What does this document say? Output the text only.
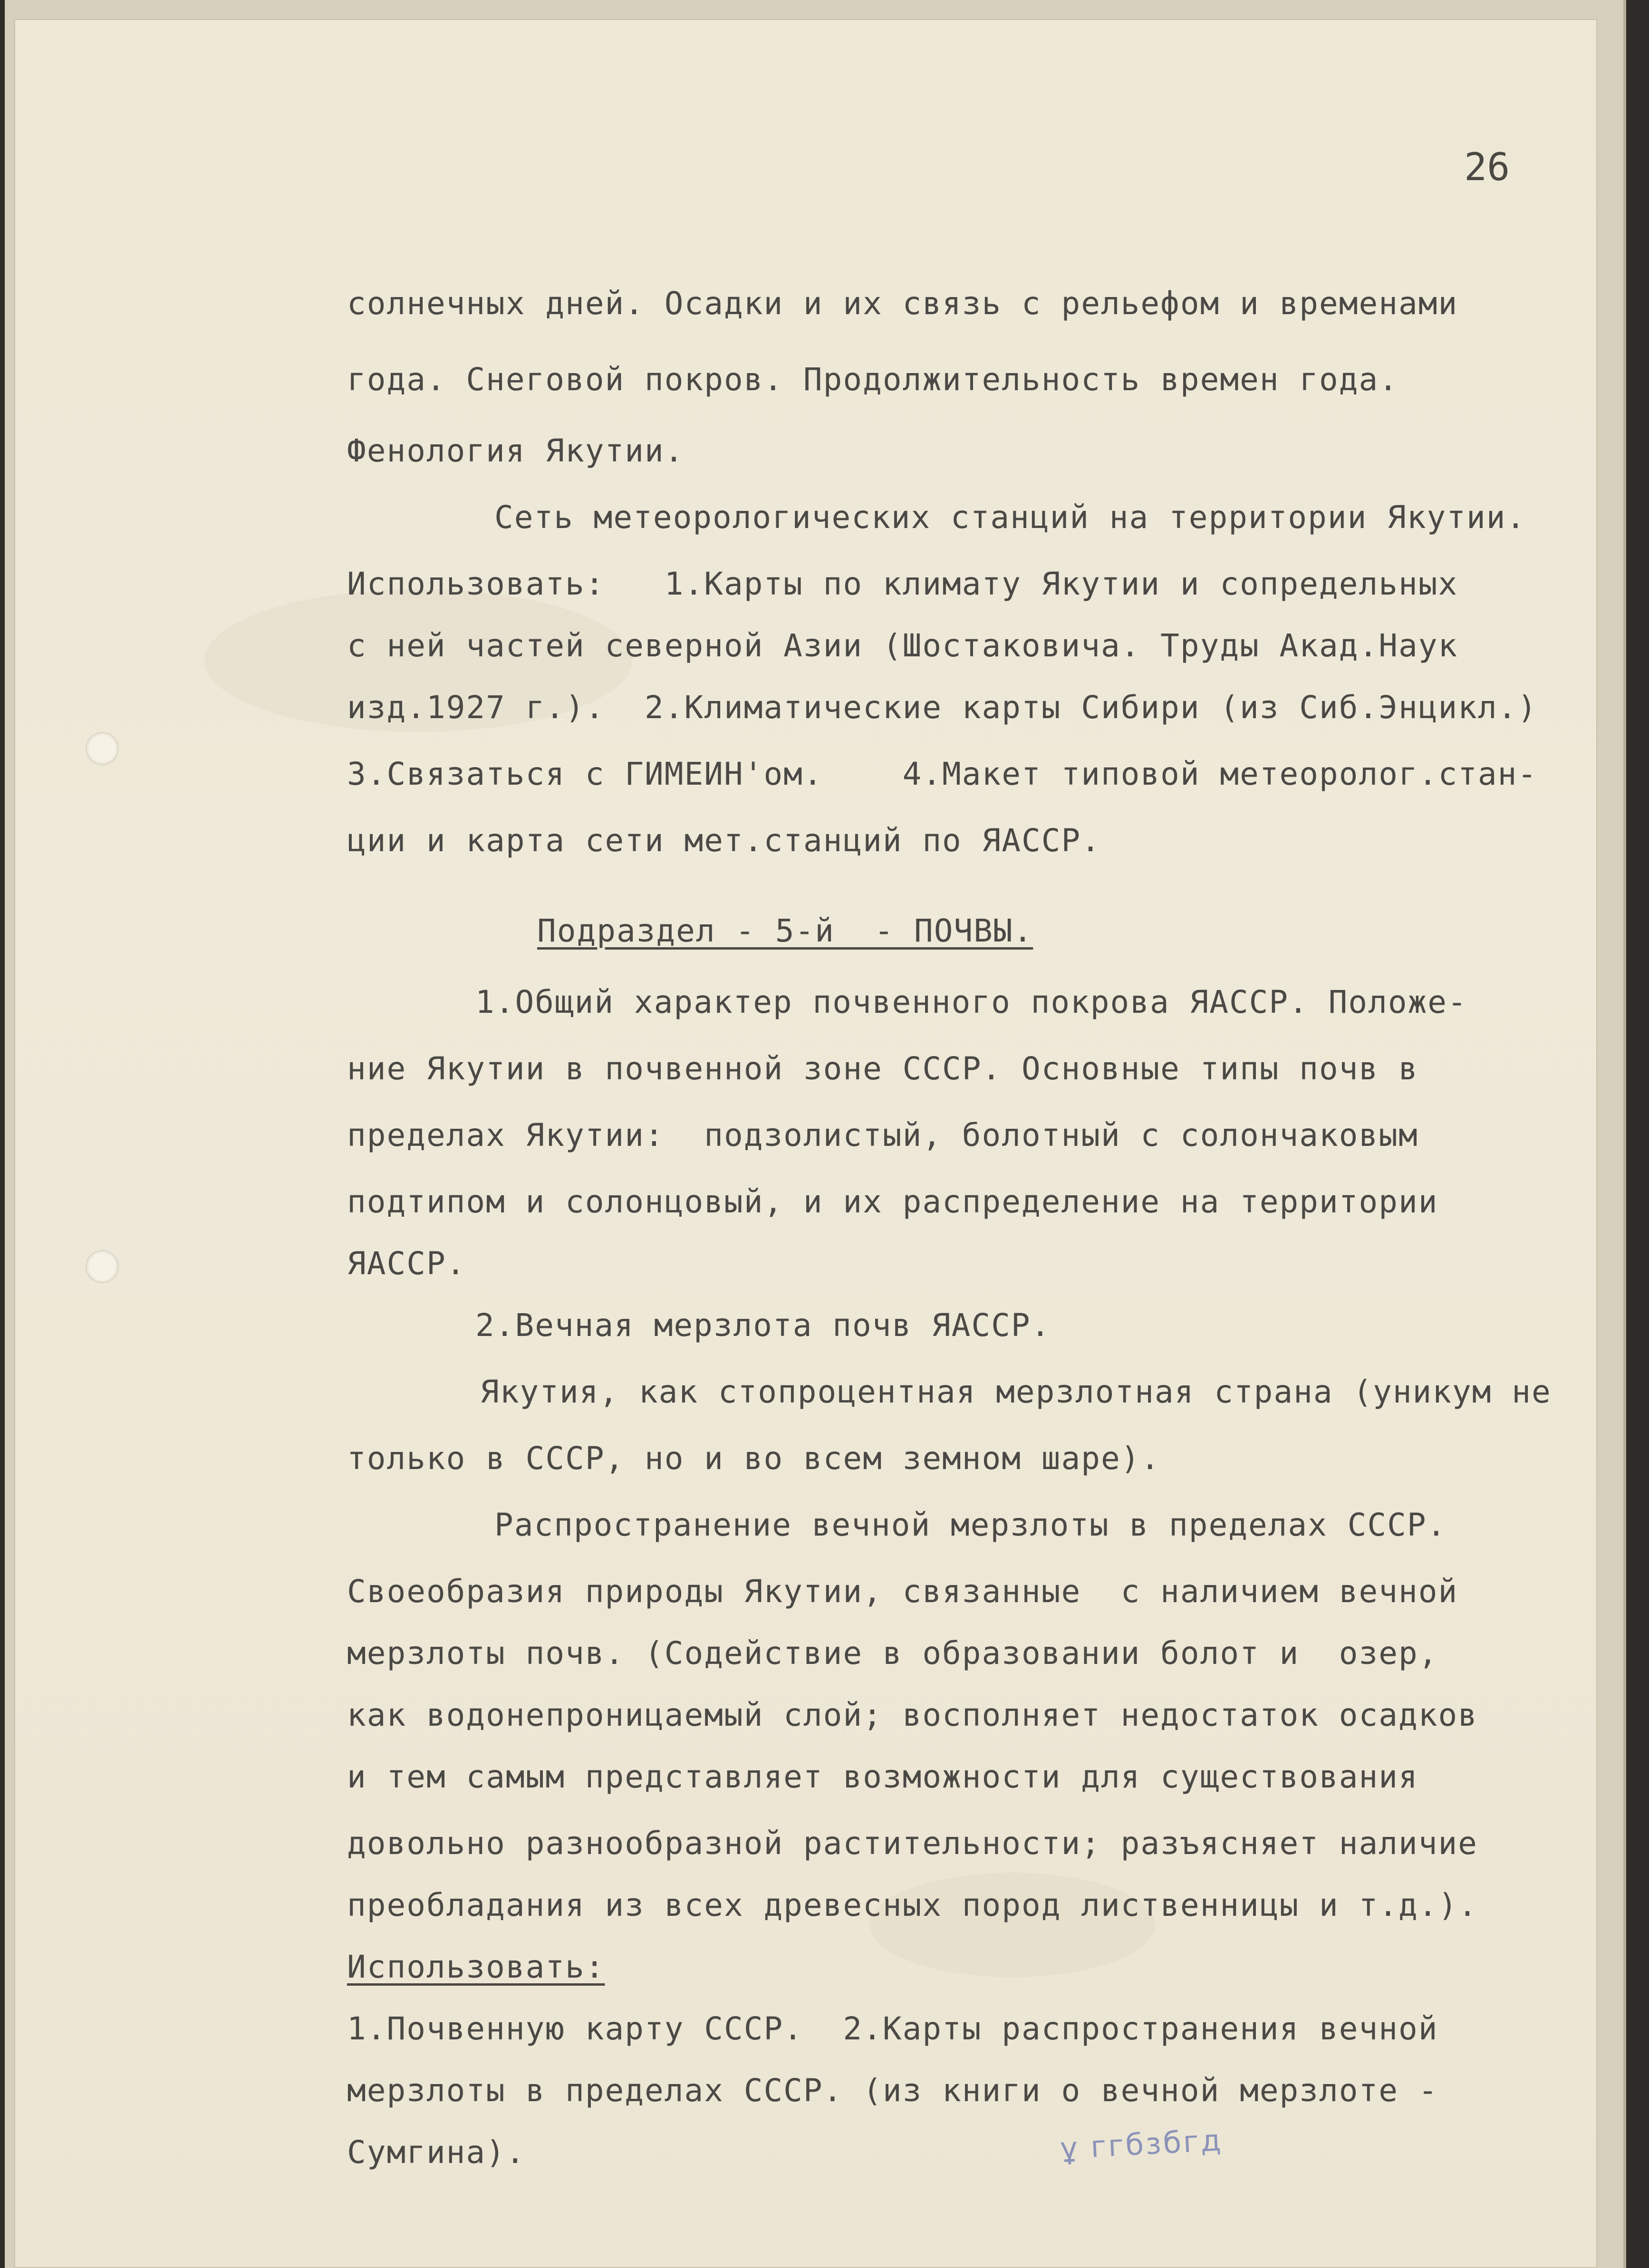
26
солнечных дней. Осадки и их связь с рельефом и временами
года. Снеговой покров. Продолжительность времен года.
Фенология Якутии.
Сеть метеорологических станций на территории Якутии.
Использовать:   1.Карты по климату Якутии и сопредельных
с ней частей северной Азии (Шостаковича. Труды Акад.Наук
изд.1927 г.).  2.Климатические карты Сибири (из Сиб.Энцикл.)
3.Связаться с ГИМЕИН'ом.    4.Макет типовой метеоролог.стан-
ции и карта сети мет.станций по ЯАССР.
Подраздел - 5-й  - ПОЧВЫ.
1.Общий характер почвенного покрова ЯАССР. Положе-
ние Якутии в почвенной зоне СССР. Основные типы почв в
пределах Якутии:  подзолистый, болотный с солончаковым
подтипом и солонцовый, и их распределение на территории
ЯАССР.
2.Вечная мерзлота почв ЯАССР.
Якутия, как стопроцентная мерзлотная страна (уникум не
только в СССР, но и во всем земном шаре).
Распространение вечной мерзлоты в пределах СССР.
Своеобразия природы Якутии, связанные  с наличием вечной
мерзлоты почв. (Содействие в образовании болот и  озер,
как водонепроницаемый слой; восполняет недостаток осадков
и тем самым представляет возможности для существования
довольно разнообразной растительности; разъясняет наличие
преобладания из всех древесных пород лиственницы и т.д.).
Использовать:
1.Почвенную карту СССР.  2.Карты распространения вечной
мерзлоты в пределах СССР. (из книги о вечной мерзлоте -
Сумгина).	ұ ггбзбгд
